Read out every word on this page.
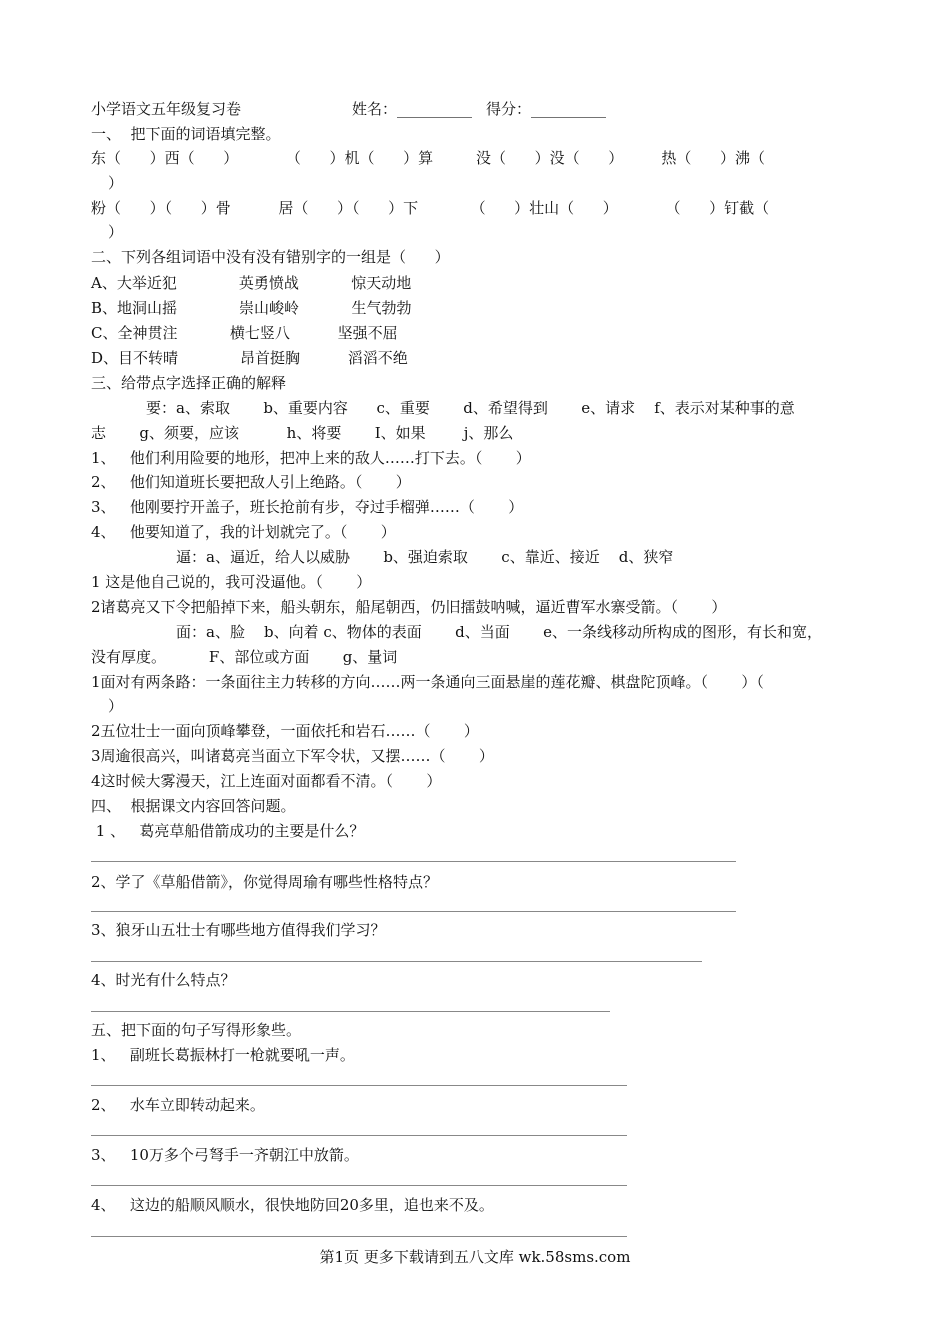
小学语文五年级复习卷	姓名：__________ 得分：__________
一、  把下面的词语填完整。
东（      ）西（      ）          （      ）机（      ）算         没（      ）没（      ）        热（      ）沸（
）
粉（      ）（      ）骨          居（      ）（      ）下           （      ）壮山（      ）          （      ）钉截（
）
二、下列各组词语中没有没有错别字的一组是（      ）
A、大举近犯             英勇愤战           惊天动地
B、地洞山摇             崇山峻岭           生气勃勃
C、全神贯注           横七竖八          坚强不屈
D、目不转晴             昂首挺胸          滔滔不绝
三、给带点字选择正确的解释
要：a、索取       b、重要内容      c、重要       d、希望得到       e、请求    f、表示对某种事的意
志       g、须要，应该          h、将要       I、如果        j、那么
1、   他们利用险要的地形，把冲上来的敌人……打下去。（       ）
2、   他们知道班长要把敌人引上绝路。（       ）
3、   他刚要拧开盖子，班长抢前有步，夺过手榴弹……（       ）
4、   他要知道了，我的计划就完了。（       ）
逼：a、逼近，给人以威胁       b、强迫索取       c、靠近、接近    d、狭窄
1 这是他自己说的，我可没逼他。（       ）
2诸葛亮又下令把船掉下来，船头朝东，船尾朝西，仍旧擂鼓呐喊，逼近曹军水寨受箭。（       ）
面：a、脸    b、向着 c、物体的表面       d、当面       e、一条线移动所构成的图形，有长和宽，
没有厚度。         F、部位或方面       g、量词
1面对有两条路：一条面往主力转移的方向……两一条通向三面悬崖的莲花瓣、棋盘陀顶峰。（       ）（
）
2五位壮士一面向顶峰攀登，一面依托和岩石……（       ）
3周逾很高兴，叫诸葛亮当面立下军令状，又摆……（       ）
4这时候大雾漫天，江上连面对面都看不清。（       ）
四、  根据课文内容回答问题。
1 、   葛亮草船借箭成功的主要是什么？
2、学了《草船借箭》，你觉得周瑜有哪些性格特点？
3、狼牙山五壮士有哪些地方值得我们学习？
4、时光有什么特点？
五、把下面的句子写得形象些。
1、   副班长葛振林打一枪就要吼一声。
2、   水车立即转动起来。
3、   10万多个弓弩手一齐朝江中放箭。
4、   这边的船顺风顺水，很快地防回20多里，追也来不及。
第1页 更多下载请到五八文库 wk.58sms.com
